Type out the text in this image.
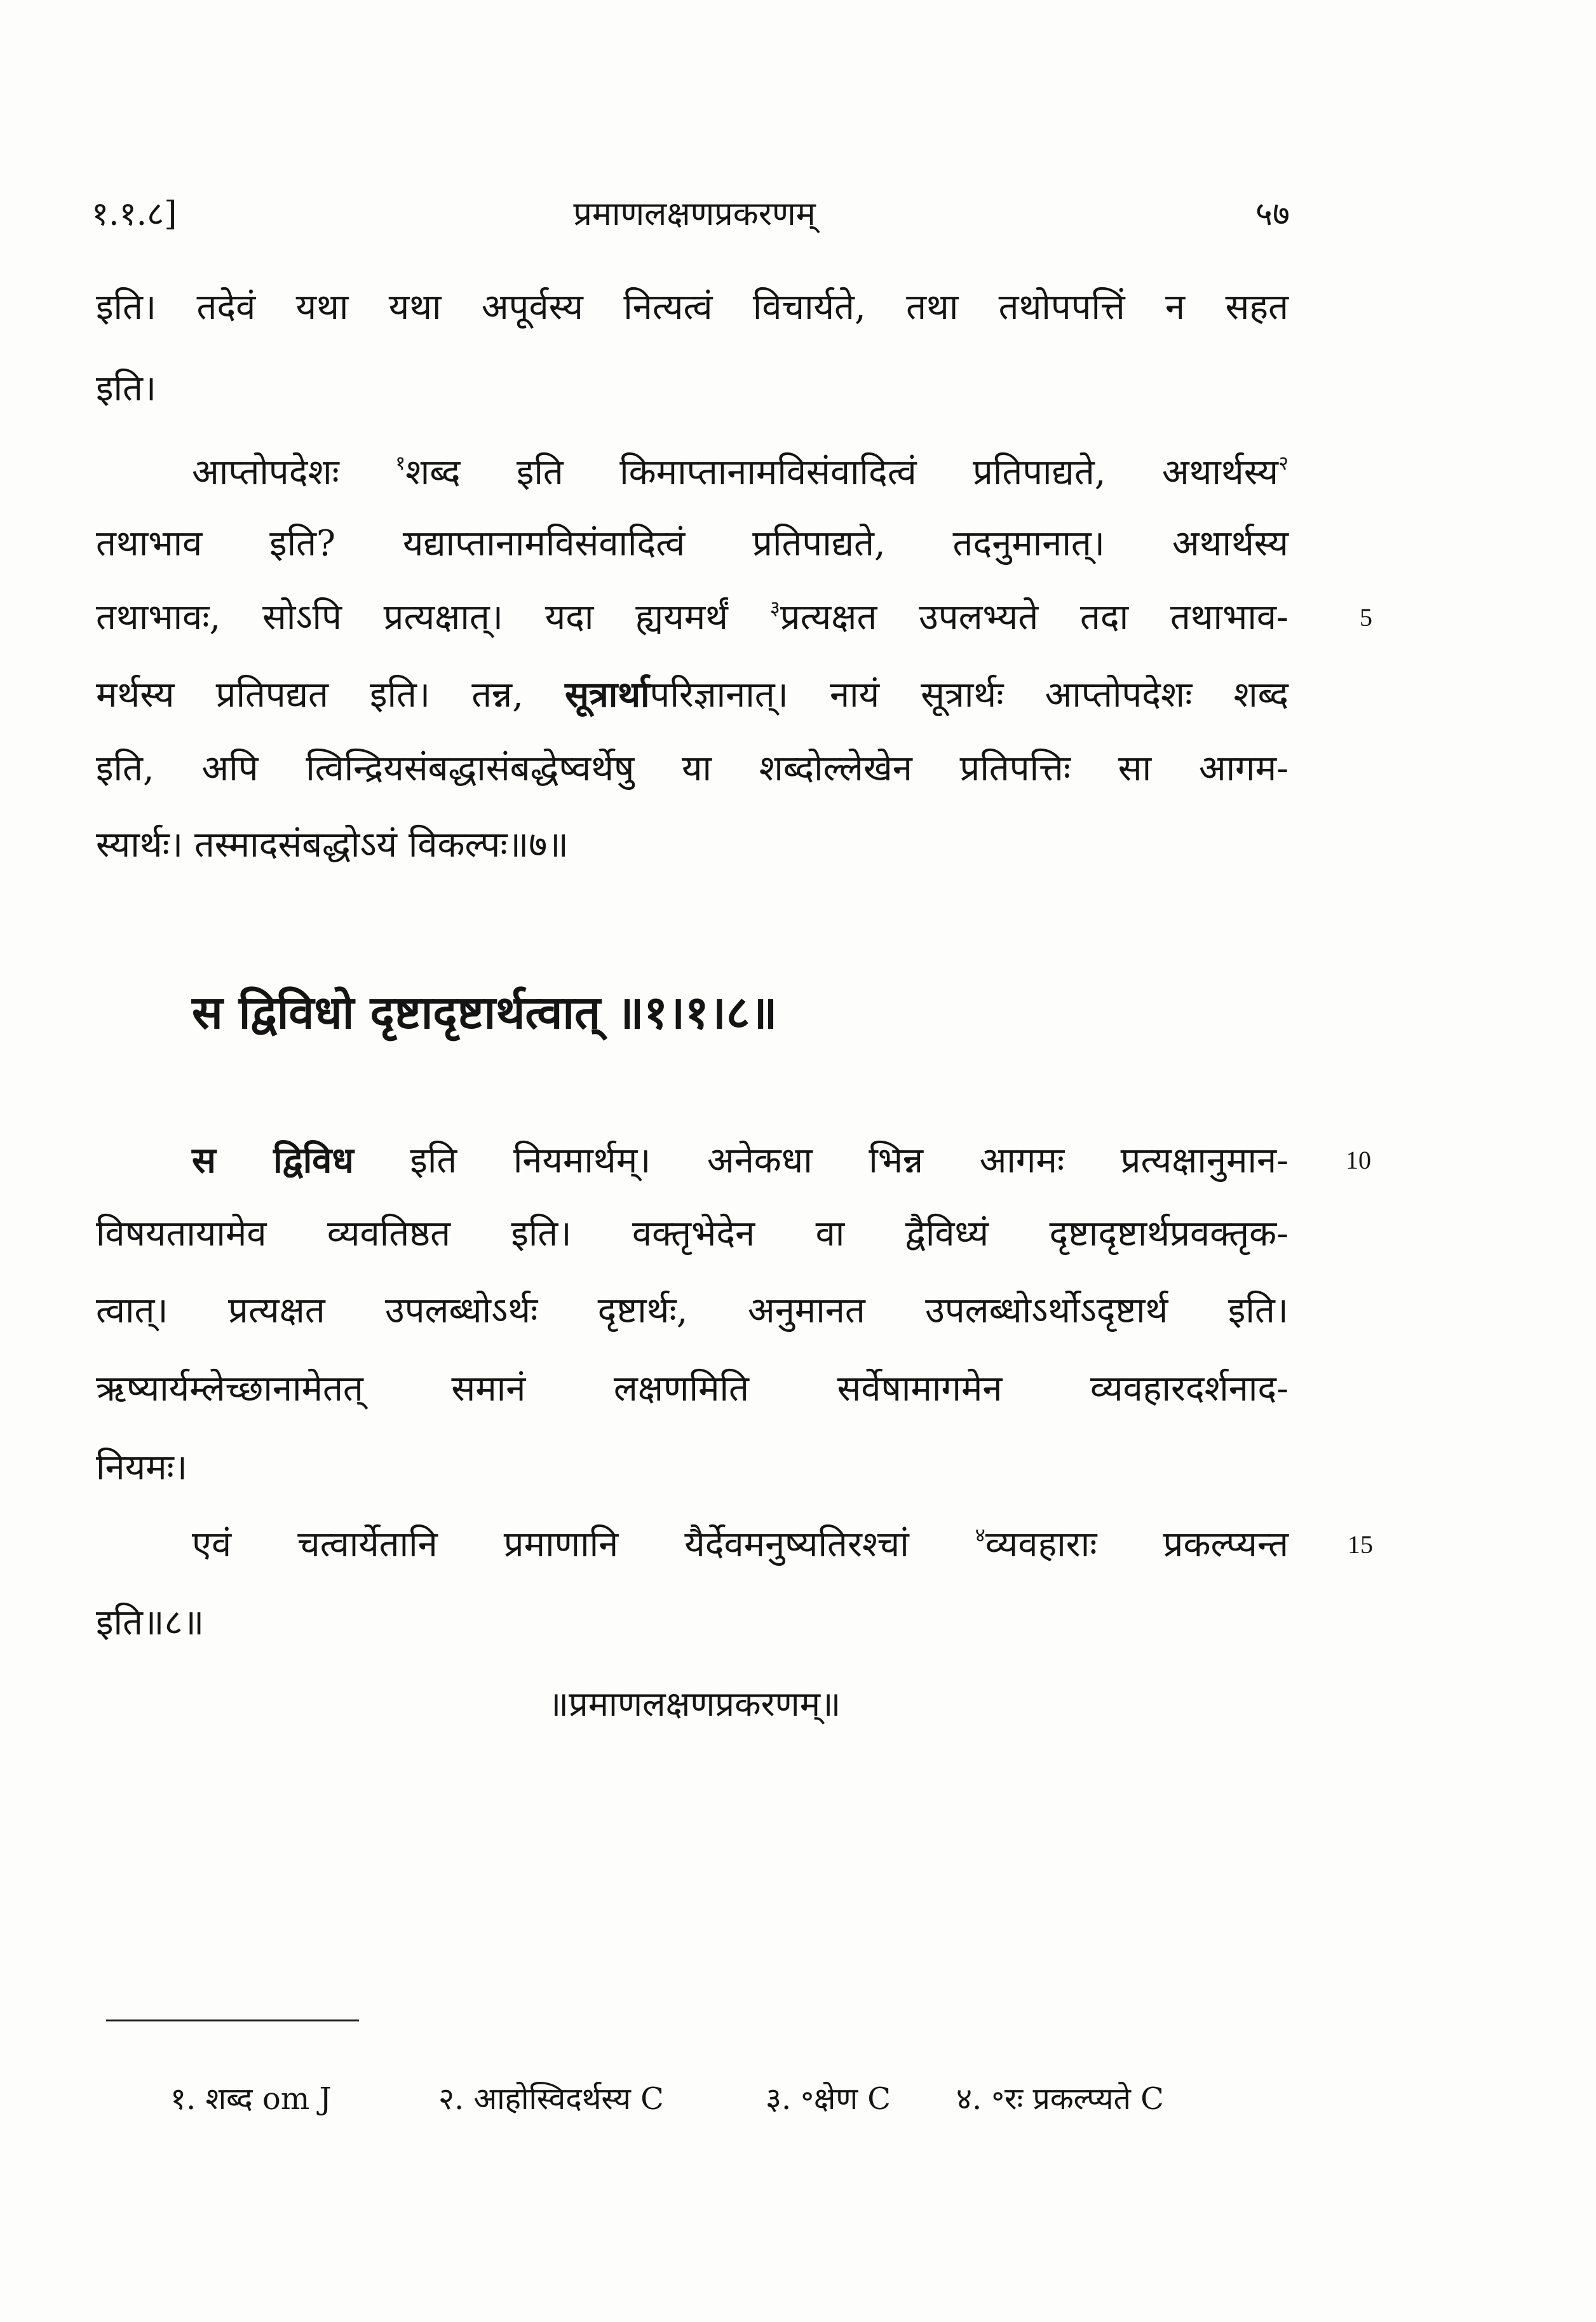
१.१.८]	प्रमाणलक्षणप्रकरणम्	५७
इति। तदेवं यथा यथा अपूर्वस्य नित्यत्वं विचार्यते, तथा तथोपपत्तिं न सहत
इति।
आप्तोपदेशः $^१$शब्द इति किमाप्तानामविसंवादित्वं प्रतिपाद्यते, अथार्थस्य$^२$
तथाभाव इति? यद्याप्तानामविसंवादित्वं प्रतिपाद्यते, तदनुमानात्। अथार्थस्य
तथाभावः, सोऽपि प्रत्यक्षात्। यदा ह्ययमर्थं $^३$प्रत्यक्षत उपलभ्यते तदा तथाभाव-
मर्थस्य प्रतिपद्यत इति। तन्न, सूत्रार्थापरिज्ञानात्। नायं सूत्रार्थः आप्तोपदेशः शब्द
इति, अपि त्विन्द्रियसंबद्धासंबद्धेष्वर्थेषु या शब्दोल्लेखेन प्रतिपत्तिः सा आगम-
स्यार्थः। तस्मादसंबद्धोऽयं विकल्पः॥७॥
स द्विविधो दृष्टादृष्टार्थत्वात् ॥१।१।८॥
स द्विविध इति नियमार्थम्। अनेकधा भिन्न आगमः प्रत्यक्षानुमान-
विषयतायामेव व्यवतिष्ठत इति। वक्तृभेदेन वा द्वैविध्यं दृष्टादृष्टार्थप्रवक्तृक-
त्वात्। प्रत्यक्षत उपलब्धोऽर्थः दृष्टार्थः, अनुमानत उपलब्धोऽर्थोऽदृष्टार्थ इति।
ऋष्यार्यम्लेच्छानामेतत् समानं लक्षणमिति सर्वेषामागमेन व्यवहारदर्शनाद-
नियमः।
एवं चत्वार्येतानि प्रमाणानि यैर्देवमनुष्यतिरश्चां $^४$व्यवहाराः प्रकल्प्यन्त
इति॥८॥
॥प्रमाणलक्षणप्रकरणम्॥
5
10
15
१. शब्द om J	२. आहोस्विदर्थस्य C	३. ॰क्षेण C ४. ॰रः प्रकल्प्यते C
